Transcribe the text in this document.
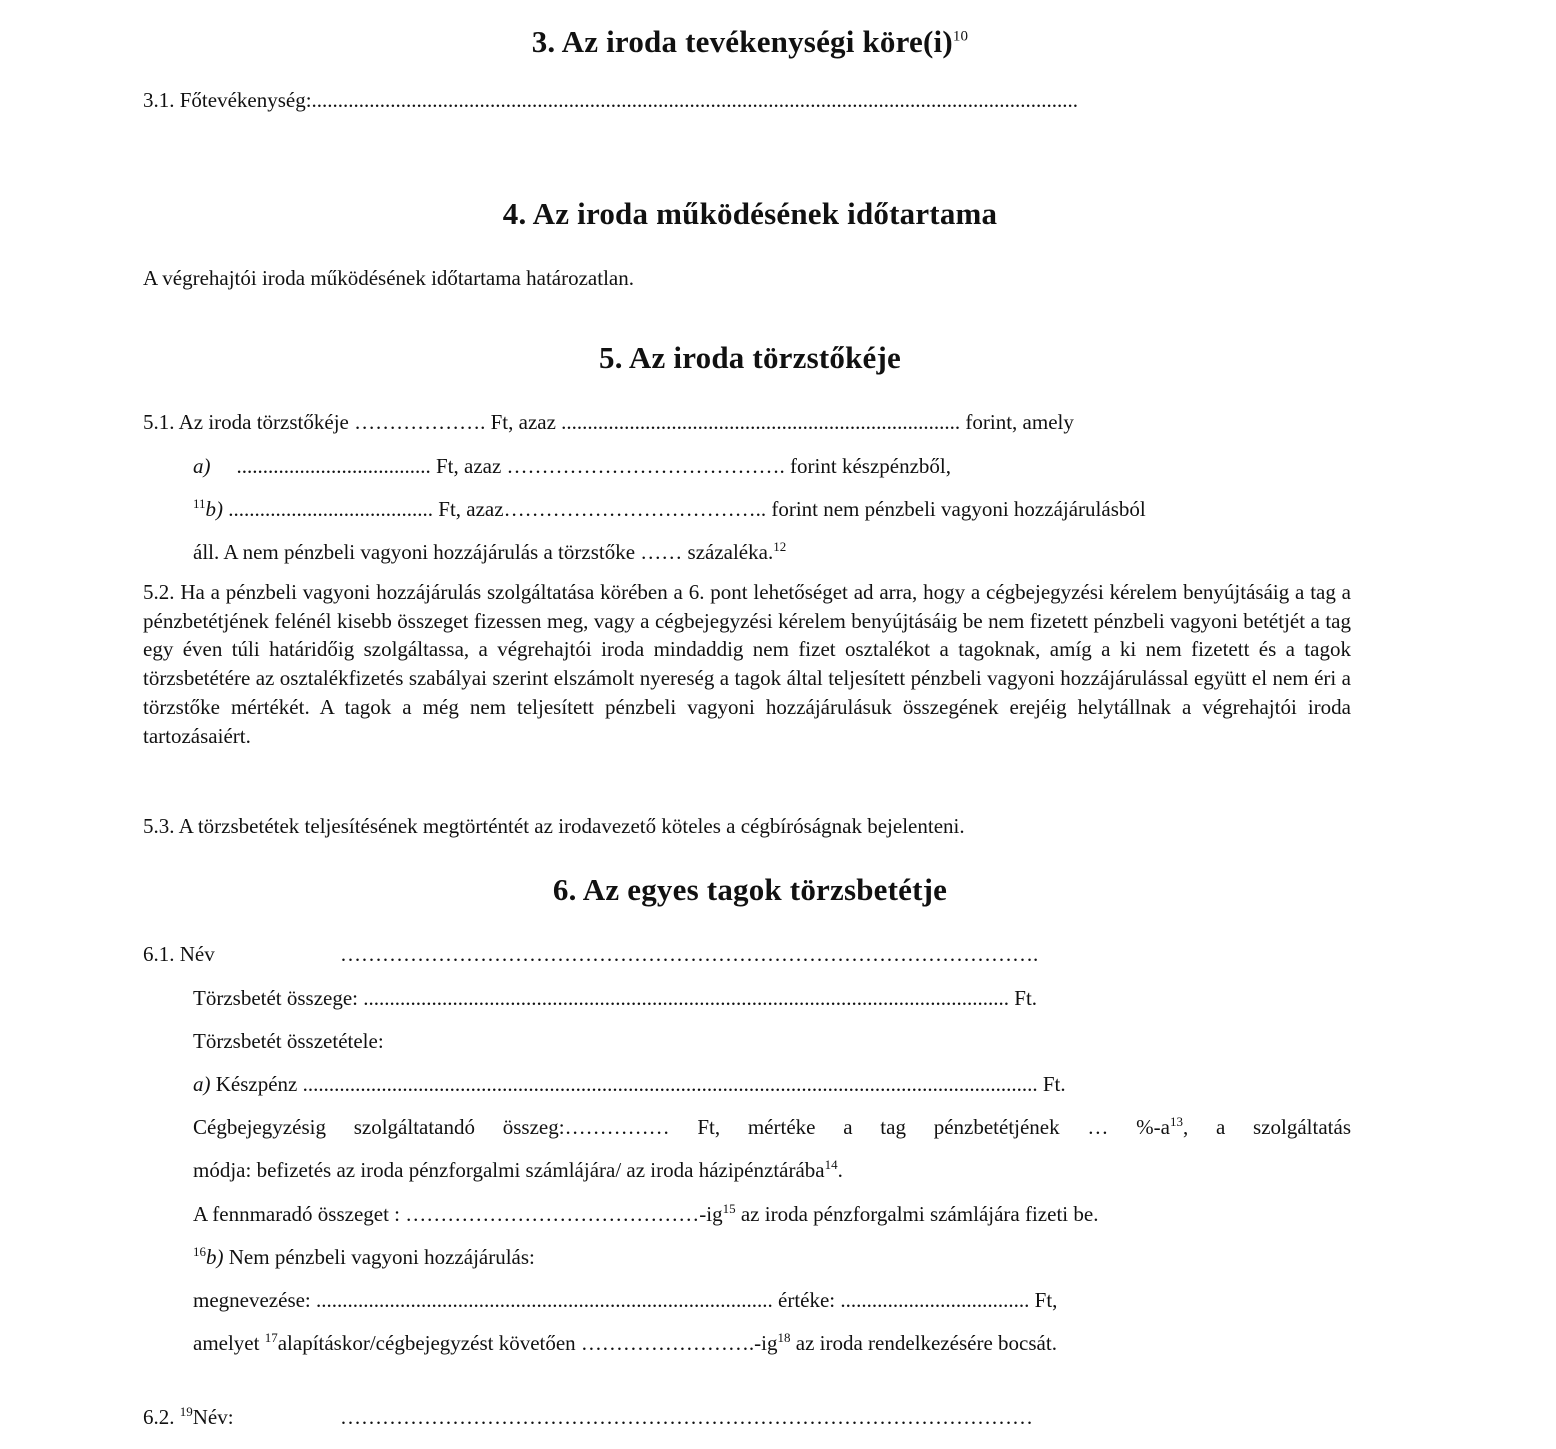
3. Az iroda tevékenységi $köre(i)^{10}$
3.1. Főtevékenység:..................................................................................................................................................
4. Az iroda működésének időtartama
A végrehajtói iroda működésének időtartama határozatlan.
5. Az iroda törzstőkéje
5.1. Az iroda törzstőkéje ………………. Ft, azaz ............................................................................ forint, amely
a) ..................................... Ft, azaz …………………………………. forint készpénzből,
$^{11}$b) ....................................... Ft, azaz……………………………….. forint nem pénzbeli vagyoni hozzájárulásból
áll. A nem pénzbeli vagyoni hozzájárulás a törzstőke …… százaléka.$^{12}$
5.2. Ha a pénzbeli vagyoni hozzájárulás szolgáltatása körében a 6. pont lehetőséget ad arra, hogy a cégbejegyzési kérelem benyújtásáig a tag a pénzbetétjének felénél kisebb összeget fizessen meg, vagy a cégbejegyzési kérelem benyújtásáig be nem fizetett pénzbeli vagyoni betétjét a tag egy éven túli határidőig szolgáltassa, a végrehajtói iroda mindaddig nem fizet osztalékot a tagoknak, amíg a ki nem fizetett és a tagok törzsbetétére az osztalékfizetés szabályai szerint elszámolt nyereség a tagok által teljesített pénzbeli vagyoni hozzájárulással együtt el nem éri a törzstőke mértékét. A tagok a még nem teljesített pénzbeli vagyoni hozzájárulásuk összegének erejéig helytállnak a végrehajtói iroda tartozásaiért.
5.3. A törzsbetétek teljesítésének megtörténtét az irodavezető köteles a cégbíróságnak bejelenteni.
6. Az egyes tagok törzsbetétje
6.1. Név	……………………………………………………………………………………….
Törzsbetét összege: ........................................................................................................................... Ft.
Törzsbetét összetétele:
a) Készpénz ............................................................................................................................................ Ft.
Cégbejegyzésig szolgáltatandó összeg:…………… Ft, mértéke a tag pénzbetétjének … $\%-a^{13}$, a szolgáltatás
módja: befizetés az iroda pénzforgalmi számlájára/ az iroda házipénztárába$^{14}$.
A fennmaradó összeget : $\dots\dots\dots\dots\dots\dots\dots\dots\dots\dots\dots\dots\dots\dots-ig^{15}$ az iroda pénzforgalmi számlájára fizeti be.
$^{16}$b) Nem pénzbeli vagyoni hozzájárulás:
megnevezése: ....................................................................................... értéke: .................................... Ft,
amelyet $^{17}$alapításkor/cégbejegyzést követően $\dots\dots\dots\dots\dots\dots\dots\dots.-ig^{18}$ az iroda rendelkezésére bocsát.
6.2. $^{19}$Név:	………………………………………………………………………………………
